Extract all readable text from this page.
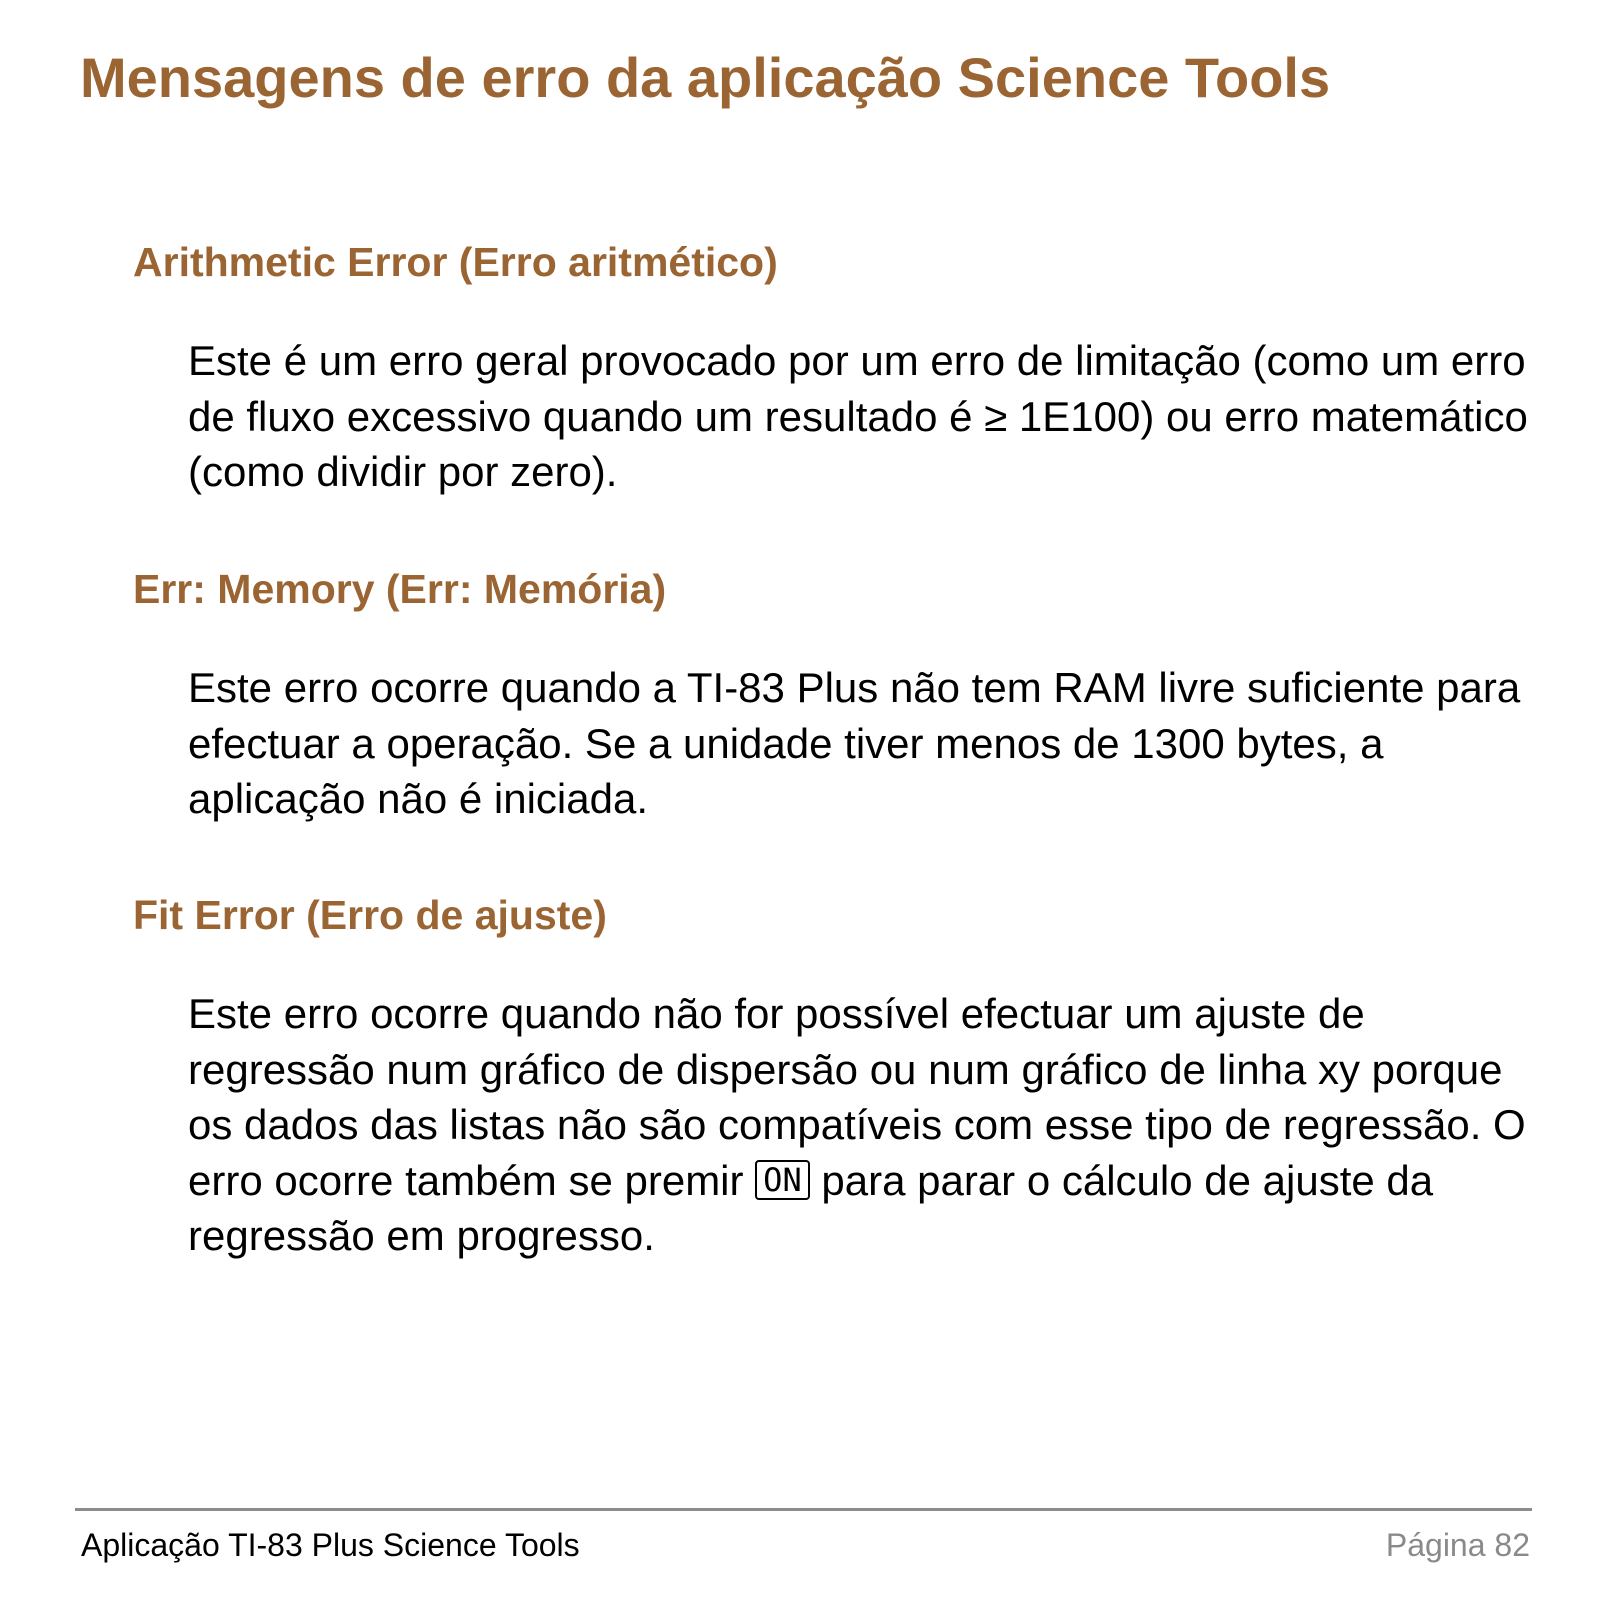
Mensagens de erro da aplicação Science Tools
Arithmetic Error (Erro aritmético)

Este é um erro geral provocado por um erro de limitação (como um erro de fluxo excessivo quando um resultado é ≥ 1E100) ou erro matemático (como dividir por zero).

Err: Memory (Err: Memória)

Este erro ocorre quando a TI-83 Plus não tem RAM livre suficiente para efectuar a operação. Se a unidade tiver menos de 1300 bytes, a aplicação não é iniciada.

Fit Error (Erro de ajuste)

Este erro ocorre quando não for possível efectuar um ajuste de regressão num gráfico de dispersão ou num gráfico de linha xy porque os dados das listas não são compatíveis com esse tipo de regressão. O erro ocorre também se premir ON para parar o cálculo de ajuste da regressão em progresso.

Aplicação TI-83 Plus Science Tools	Página 82
